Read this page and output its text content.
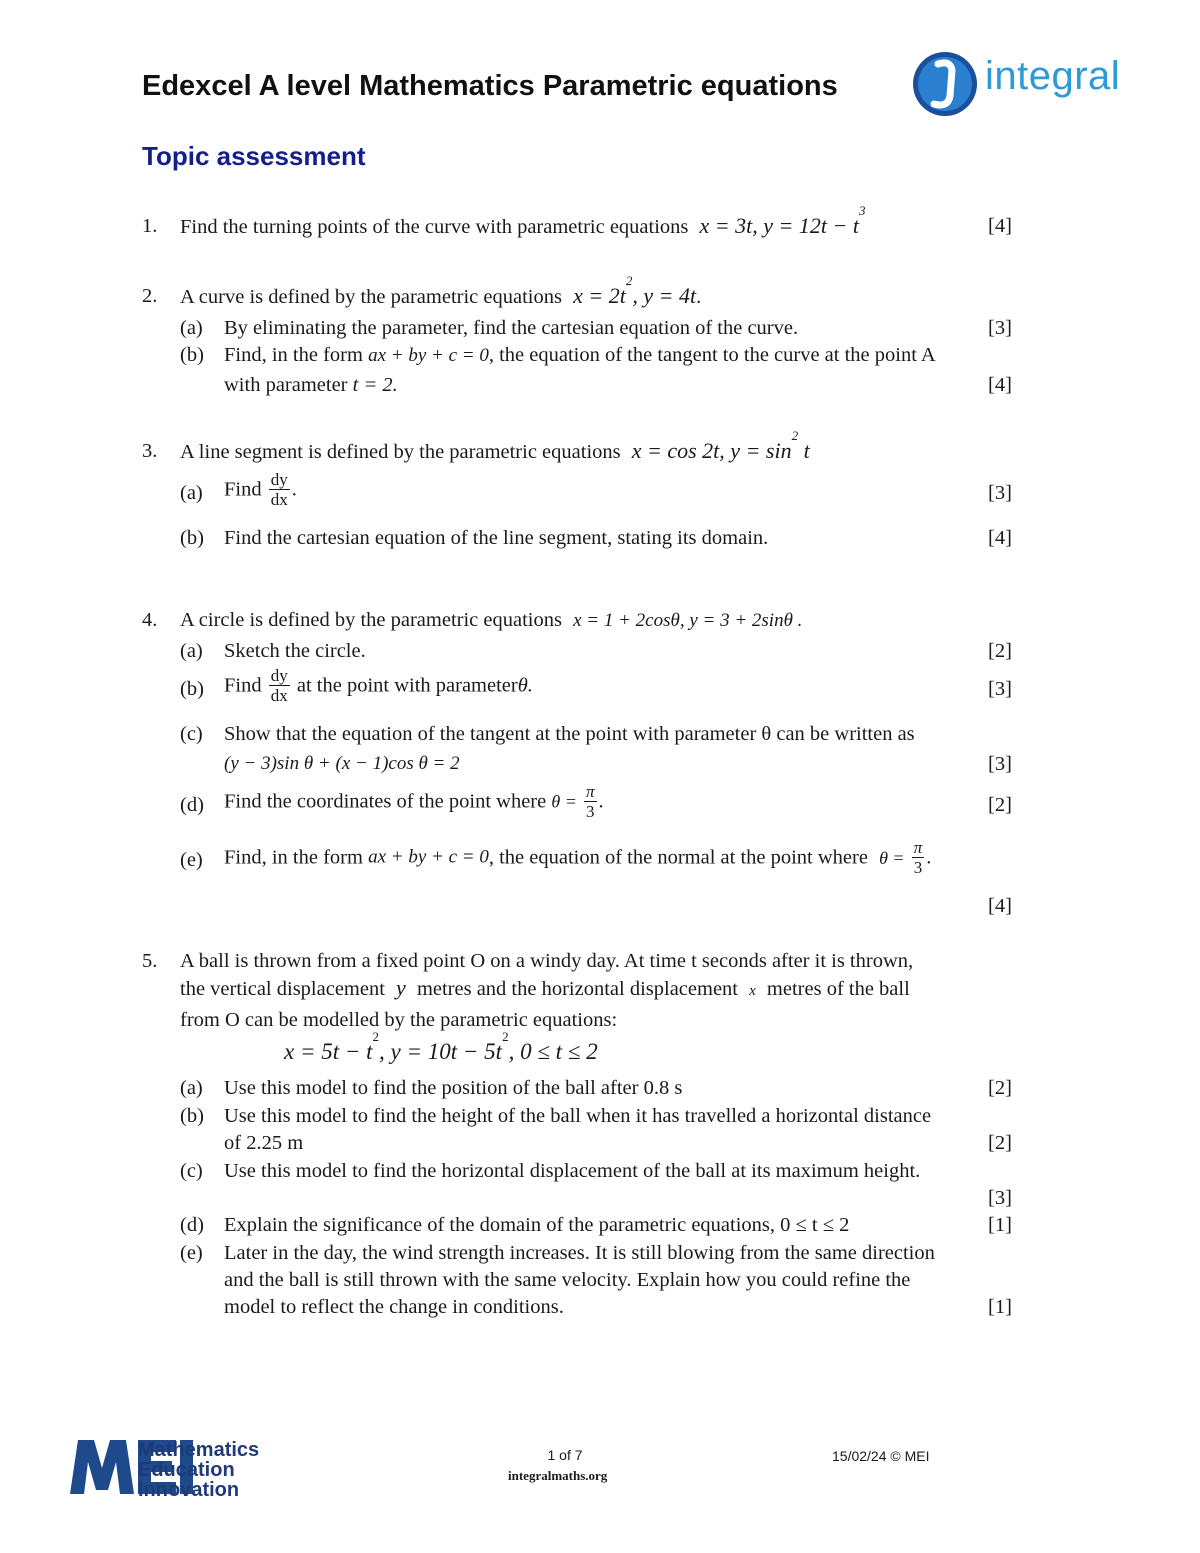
Edexcel A level Mathematics Parametric equations	integral
Topic assessment
1. Find the turning points of the curve with parametric equations x = 3t, $y = 12t - t^3$
[4]
2. A curve is defined by the parametric equations $x = 2t^2$, y = 4t.
(a) By eliminating the parameter, find the cartesian equation of the curve.	[3]
(b) Find, in the form ax + by + c = 0, the equation of the tangent to the curve at the point A
with parameter t = 2.	[4]
3. A line segment is defined by the parametric equations x = cos 2t, $y = \sin^2 t$
(a) Find $\frac{dy}{dx}$ .	[3]
(b) Find the cartesian equation of the line segment, stating its domain.	[4]
4. A circle is defined by the parametric equations x = 1 + 2cosθ, y = 3 + 2sinθ .
(a) Sketch the circle.	[2]
(b) Find $\frac{dy}{dx}$ at the point with parameterθ.	[3]
(c) Show that the equation of the tangent at the point with parameter θ can be written as
(y − 3)sin θ + (x − 1)cos θ = 2	[3]
(d) Find the coordinates of the point where $\theta = \frac{\pi}{3}$ .	[2]
(e) Find, in the form ax + by + c = 0, the equation of the normal at the point where $\theta = \frac{\pi}{3}$ .
[4]
5. A ball is thrown from a fixed point O on a windy day. At time t seconds after it is thrown,
the vertical displacement y metres and the horizontal displacement x metres of the ball
from O can be modelled by the parametric equations:
$x = 5t - t^2$, $y = 10t - 5t^2$, 0 ≤ t ≤ 2
(a) Use this model to find the position of the ball after 0.8 s	[2]
(b) Use this model to find the height of the ball when it has travelled a horizontal distance
of 2.25 m	[2]
(c) Use this model to find the horizontal displacement of the ball at its maximum height.
[3]
(d) Explain the significance of the domain of the parametric equations, 0 ≤ t ≤ 2	[1]
(e) Later in the day, the wind strength increases. It is still blowing from the same direction
and the ball is still thrown with the same velocity. Explain how you could refine the
model to reflect the change in conditions.	[1]
Mathematics
Education
Innovation
1 of 7
integralmaths.org
15/02/24 © MEI
